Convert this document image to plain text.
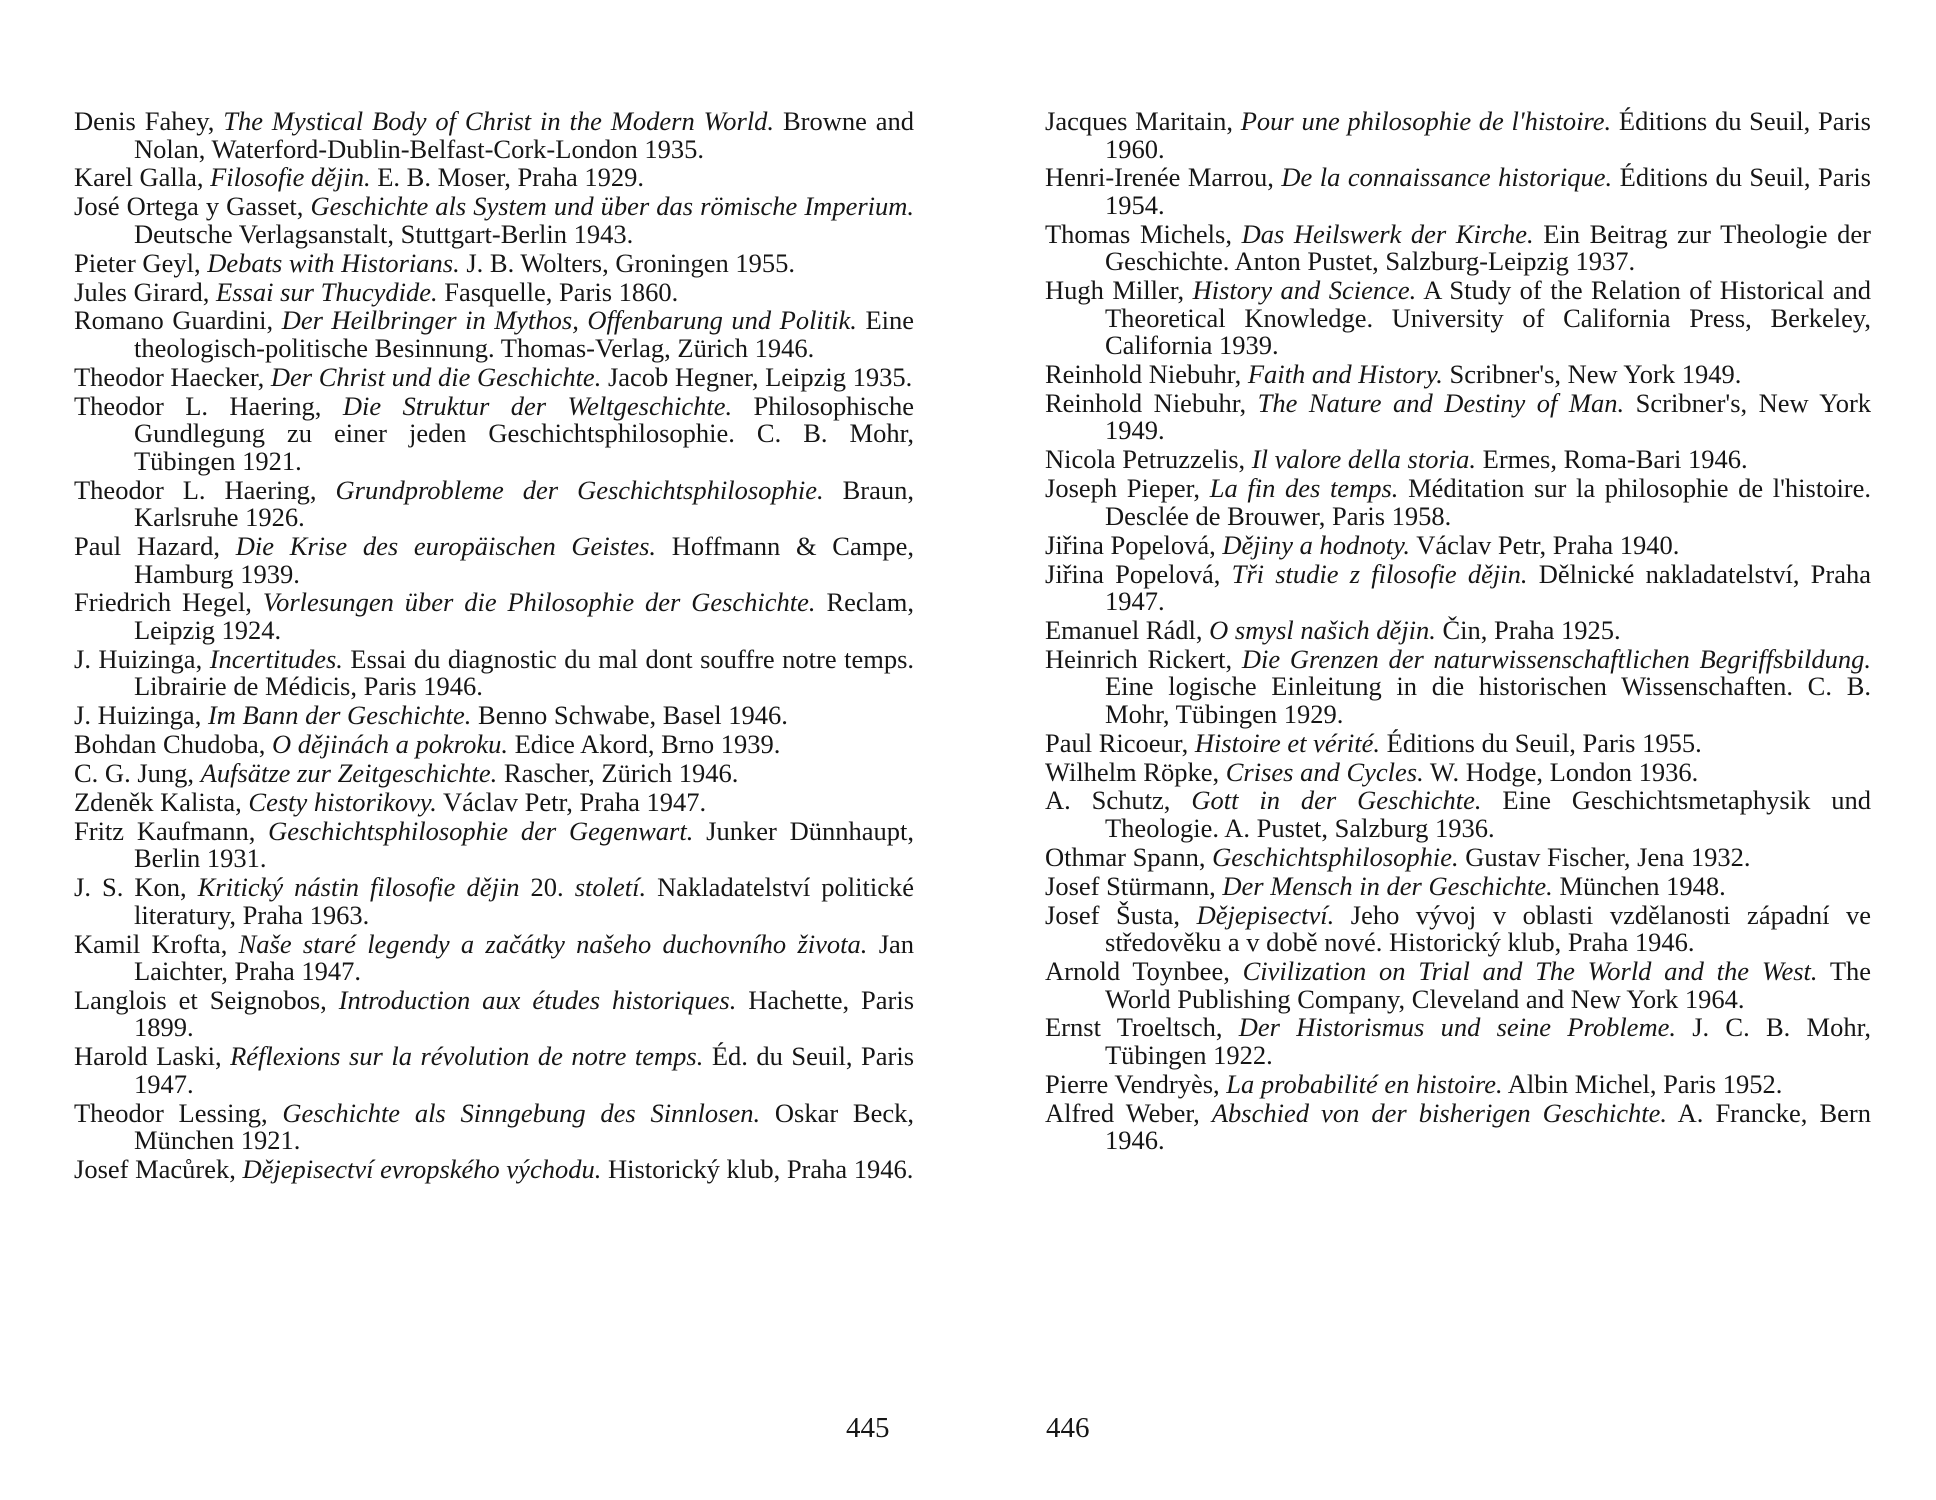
Denis Fahey, The Mystical Body of Christ in the Modern World. Browne and Nolan, Waterford-Dublin-Belfast-Cork-London 1935.

Karel Galla, Filosofie dějin. E. B. Moser, Praha 1929.

José Ortega y Gasset, Geschichte als System und über das römische Imperium. Deutsche Verlagsanstalt, Stuttgart-Berlin 1943.

Pieter Geyl, Debats with Historians. J. B. Wolters, Groningen 1955.

Jules Girard, Essai sur Thucydide. Fasquelle, Paris 1860.

Romano Guardini, Der Heilbringer in Mythos, Offenbarung und Politik. Eine theologisch-politische Besinnung. Thomas-Verlag, Zürich 1946.

Theodor Haecker, Der Christ und die Geschichte. Jacob Hegner, Leipzig 1935.

Theodor L. Haering, Die Struktur der Weltgeschichte. Philosophische Gundlegung zu einer jeden Geschichtsphilosophie. C. B. Mohr, Tübingen 1921.

Theodor L. Haering, Grundprobleme der Geschichtsphilosophie. Braun, Karlsruhe 1926.

Paul Hazard, Die Krise des europäischen Geistes. Hoffmann & Campe, Hamburg 1939.

Friedrich Hegel, Vorlesungen über die Philosophie der Geschichte. Reclam, Leipzig 1924.

J. Huizinga, Incertitudes. Essai du diagnostic du mal dont souffre notre temps. Librairie de Médicis, Paris 1946.

J. Huizinga, Im Bann der Geschichte. Benno Schwabe, Basel 1946.

Bohdan Chudoba, O dějinách a pokroku. Edice Akord, Brno 1939.

C. G. Jung, Aufsätze zur Zeitgeschichte. Rascher, Zürich 1946.

Zdeněk Kalista, Cesty historikovy. Václav Petr, Praha 1947.

Fritz Kaufmann, Geschichtsphilosophie der Gegenwart. Junker Dünnhaupt, Berlin 1931.

J. S. Kon, Kritický nástin filosofie dějin 20. století. Nakladatelství politické literatury, Praha 1963.

Kamil Krofta, Naše staré legendy a začátky našeho duchovního života. Jan Laichter, Praha 1947.

Langlois et Seignobos, Introduction aux études historiques. Hachette, Paris 1899.

Harold Laski, Réflexions sur la révolution de notre temps. Éd. du Seuil, Paris 1947.

Theodor Lessing, Geschichte als Sinngebung des Sinnlosen. Oskar Beck, München 1921.

Josef Macůrek, Dějepisectví evropského východu. Historický klub, Praha 1946.

Jacques Maritain, Pour une philosophie de l'histoire. Éditions du Seuil, Paris 1960.

Henri-Irenée Marrou, De la connaissance historique. Éditions du Seuil, Paris 1954.

Thomas Michels, Das Heilswerk der Kirche. Ein Beitrag zur Theologie der Geschichte. Anton Pustet, Salzburg-Leipzig 1937.

Hugh Miller, History and Science. A Study of the Relation of Historical and Theoretical Knowledge. University of California Press, Berkeley, California 1939.

Reinhold Niebuhr, Faith and History. Scribner's, New York 1949.

Reinhold Niebuhr, The Nature and Destiny of Man. Scribner's, New York 1949.

Nicola Petruzzelis, Il valore della storia. Ermes, Roma-Bari 1946.

Joseph Pieper, La fin des temps. Méditation sur la philosophie de l'histoire. Desclée de Brouwer, Paris 1958.

Jiřina Popelová, Dějiny a hodnoty. Václav Petr, Praha 1940.

Jiřina Popelová, Tři studie z filosofie dějin. Dělnické nakladatelství, Praha 1947.

Emanuel Rádl, O smysl našich dějin. Čin, Praha 1925.

Heinrich Rickert, Die Grenzen der naturwissenschaftlichen Begriffsbildung. Eine logische Einleitung in die historischen Wissenschaften. C. B. Mohr, Tübingen 1929.

Paul Ricoeur, Histoire et vérité. Éditions du Seuil, Paris 1955.

Wilhelm Röpke, Crises and Cycles. W. Hodge, London 1936.

A. Schutz, Gott in der Geschichte. Eine Geschichtsmetaphysik und Theologie. A. Pustet, Salzburg 1936.

Othmar Spann, Geschichtsphilosophie. Gustav Fischer, Jena 1932.

Josef Stürmann, Der Mensch in der Geschichte. München 1948.

Josef Šusta, Dějepisectví. Jeho vývoj v oblasti vzdělanosti západní ve středověku a v době nové. Historický klub, Praha 1946.

Arnold Toynbee, Civilization on Trial and The World and the West. The World Publishing Company, Cleveland and New York 1964.

Ernst Troeltsch, Der Historismus und seine Probleme. J. C. B. Mohr, Tübingen 1922.

Pierre Vendryès, La probabilité en histoire. Albin Michel, Paris 1952.

Alfred Weber, Abschied von der bisherigen Geschichte. A. Francke, Bern 1946.

445	446
